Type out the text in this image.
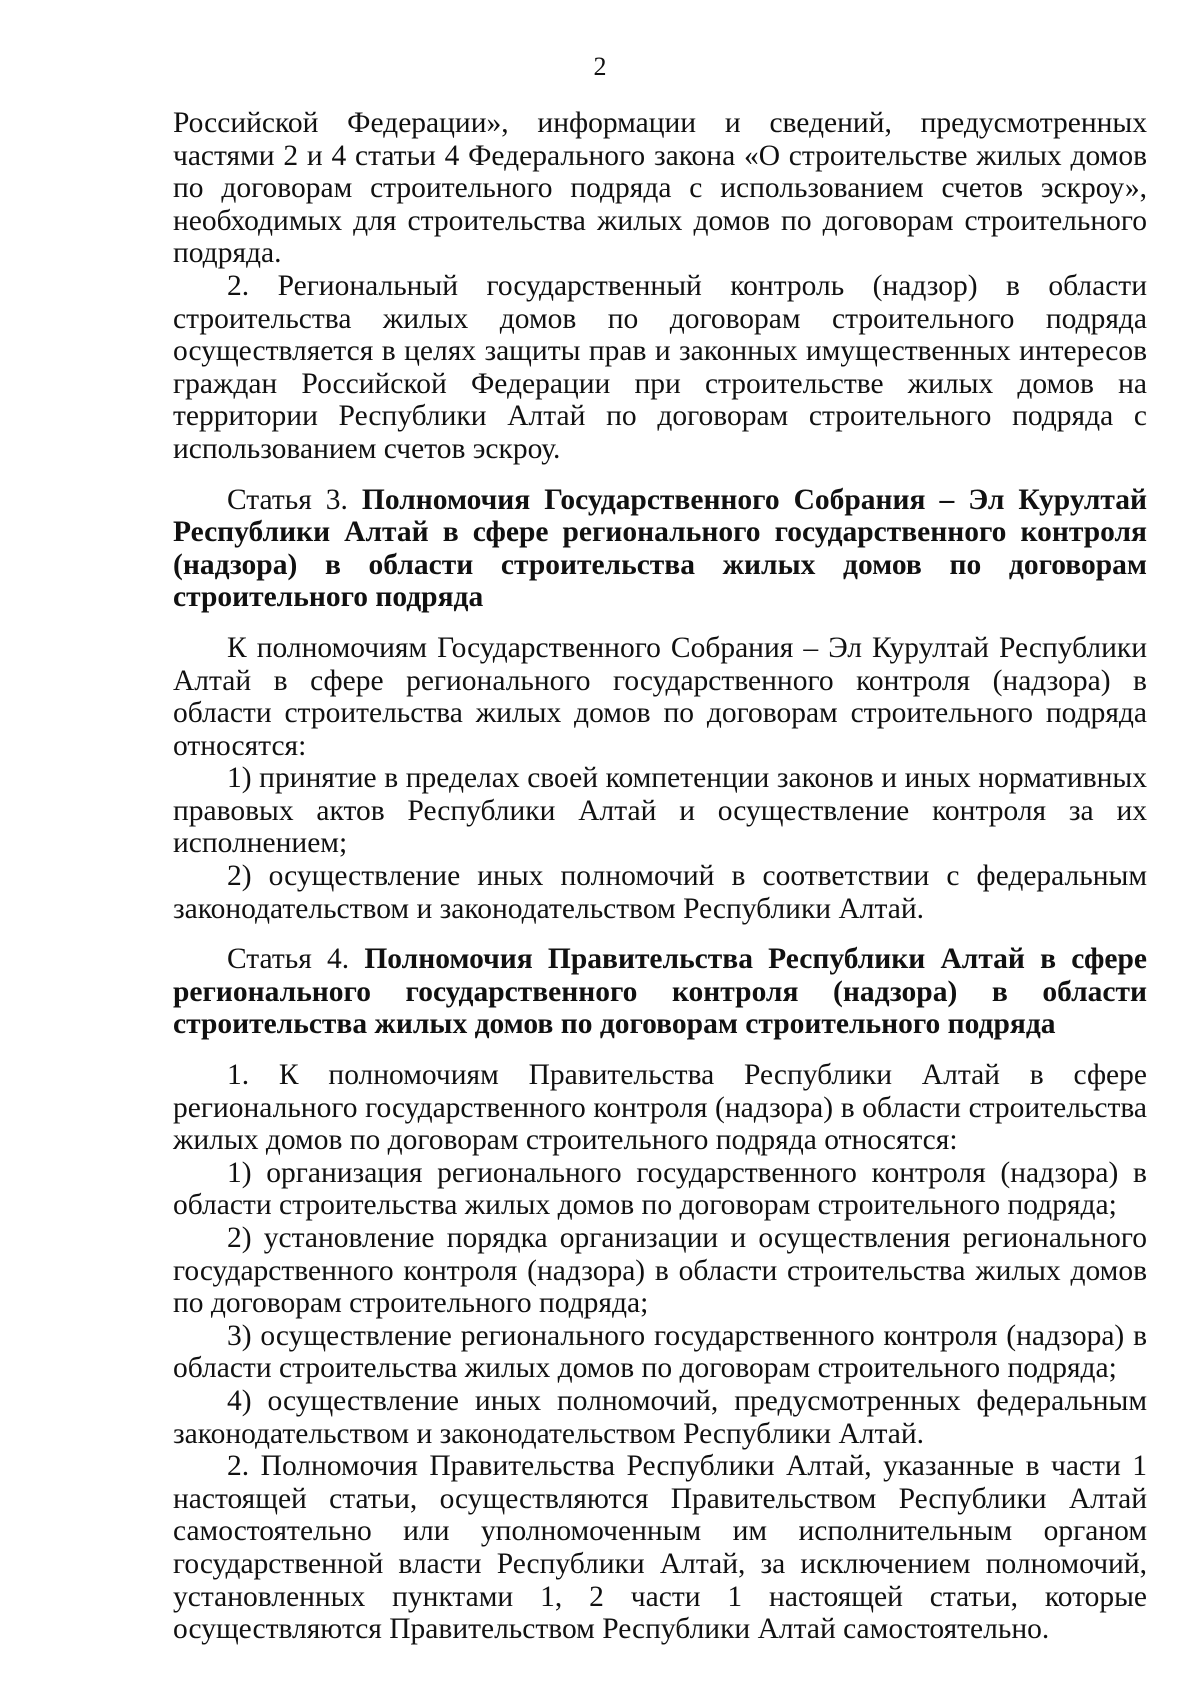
2

Российской Федерации», информации и сведений, предусмотренных частями 2 и 4 статьи 4 Федерального закона «О строительстве жилых домов по договорам строительного подряда с использованием счетов эскроу», необходимых для строительства жилых домов по договорам строительного подряда.

2. Региональный государственный контроль (надзор) в области строительства жилых домов по договорам строительного подряда осуществляется в целях защиты прав и законных имущественных интересов граждан Российской Федерации при строительстве жилых домов на территории Республики Алтай по договорам строительного подряда с использованием счетов эскроу.

Статья 3. Полномочия Государственного Собрания – Эл Курултай Республики Алтай в сфере регионального государственного контроля (надзора) в области строительства жилых домов по договорам строительного подряда

К полномочиям Государственного Собрания – Эл Курултай Республики Алтай в сфере регионального государственного контроля (надзора) в области строительства жилых домов по договорам строительного подряда относятся:

1) принятие в пределах своей компетенции законов и иных нормативных правовых актов Республики Алтай и осуществление контроля за их исполнением;

2) осуществление иных полномочий в соответствии с федеральным законодательством и законодательством Республики Алтай.

Статья 4. Полномочия Правительства Республики Алтай в сфере регионального государственного контроля (надзора) в области строительства жилых домов по договорам строительного подряда

1. К полномочиям Правительства Республики Алтай в сфере регионального государственного контроля (надзора) в области строительства жилых домов по договорам строительного подряда относятся:

1) организация регионального государственного контроля (надзора) в области строительства жилых домов по договорам строительного подряда;

2) установление порядка организации и осуществления регионального государственного контроля (надзора) в области строительства жилых домов по договорам строительного подряда;

3) осуществление регионального государственного контроля (надзора) в области строительства жилых домов по договорам строительного подряда;

4) осуществление иных полномочий, предусмотренных федеральным законодательством и законодательством Республики Алтай.

2. Полномочия Правительства Республики Алтай, указанные в части 1 настоящей статьи, осуществляются Правительством Республики Алтай самостоятельно или уполномоченным им исполнительным органом государственной власти Республики Алтай, за исключением полномочий, установленных пунктами 1, 2 части 1 настоящей статьи, которые осуществляются Правительством Республики Алтай самостоятельно.
